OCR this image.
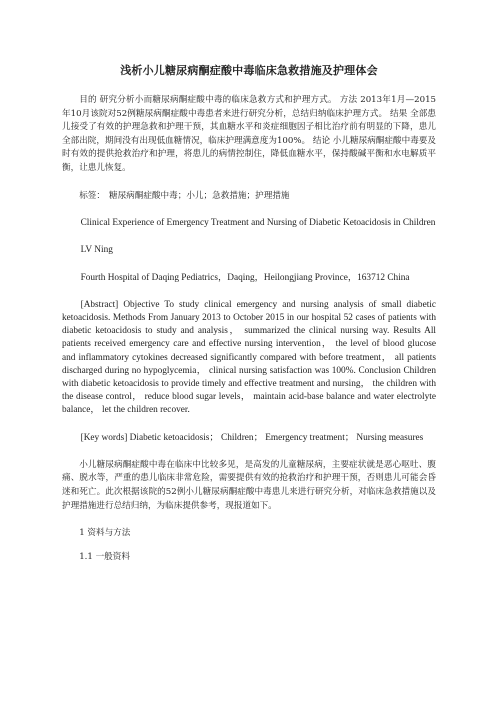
浅析小儿糖尿病酮症酸中毒临床急救措施及护理体会

目的 研究分析小而糖尿病酮症酸中毒的临床急救方式和护理方式。 方法 2013年1月—2015年10月该院对52例糖尿病酮症酸中毒患者来进行研究分析，总结归纳临床护理方式。 结果 全部患儿接受了有效的护理急救和护理干预，其血糖水平和炎症细胞因子相比治疗前有明显的下降，患儿全部出院，期间没有出现低血糖情况，临床护理满意度为100%。 结论 小儿糖尿病酮症酸中毒要及时有效的提供抢救治疗和护理，将患儿的病情控制住，降低血糖水平，保持酸碱平衡和水电解质平衡，让患儿恢复。

标签： 糖尿病酮症酸中毒；小儿；急救措施；护理措施

Clinical Experience of Emergency Treatment and Nursing of Diabetic Ketoacidosis in Children

LV Ning

Fourth Hospital of Daqing Pediatrics，Daqing，Heilongjiang Province，163712 China

[Abstract] Objective To study clinical emergency and nursing analysis of small diabetic ketoacidosis. Methods From January 2013 to October 2015 in our hospital 52 cases of patients with diabetic ketoacidosis to study and analysis， summarized the clinical nursing way. Results All patients received emergency care and effective nursing intervention， the level of blood glucose and inflammatory cytokines decreased significantly compared with before treatment， all patients discharged during no hypoglycemia， clinical nursing satisfaction was 100%. Conclusion Children with diabetic ketoacidosis to provide timely and effective treatment and nursing， the children with the disease control， reduce blood sugar levels， maintain acid-base balance and water electrolyte balance， let the children recover.

[Key words] Diabetic ketoacidosis； Children； Emergency treatment； Nursing measures

小儿糖尿病酮症酸中毒在临床中比较多见，是高发的儿童糖尿病，主要症状就是恶心呕吐、腹痛、脱水等，严重的患儿临床非常危险，需要提供有效的抢救治疗和护理干预，否则患儿可能会昏迷和死亡。此次根据该院的52例小儿糖尿病酮症酸中毒患儿来进行研究分析，对临床急救措施以及护理措施进行总结归纳，为临床提供参考，现报道如下。

1 资料与方法

1.1 一般资料
